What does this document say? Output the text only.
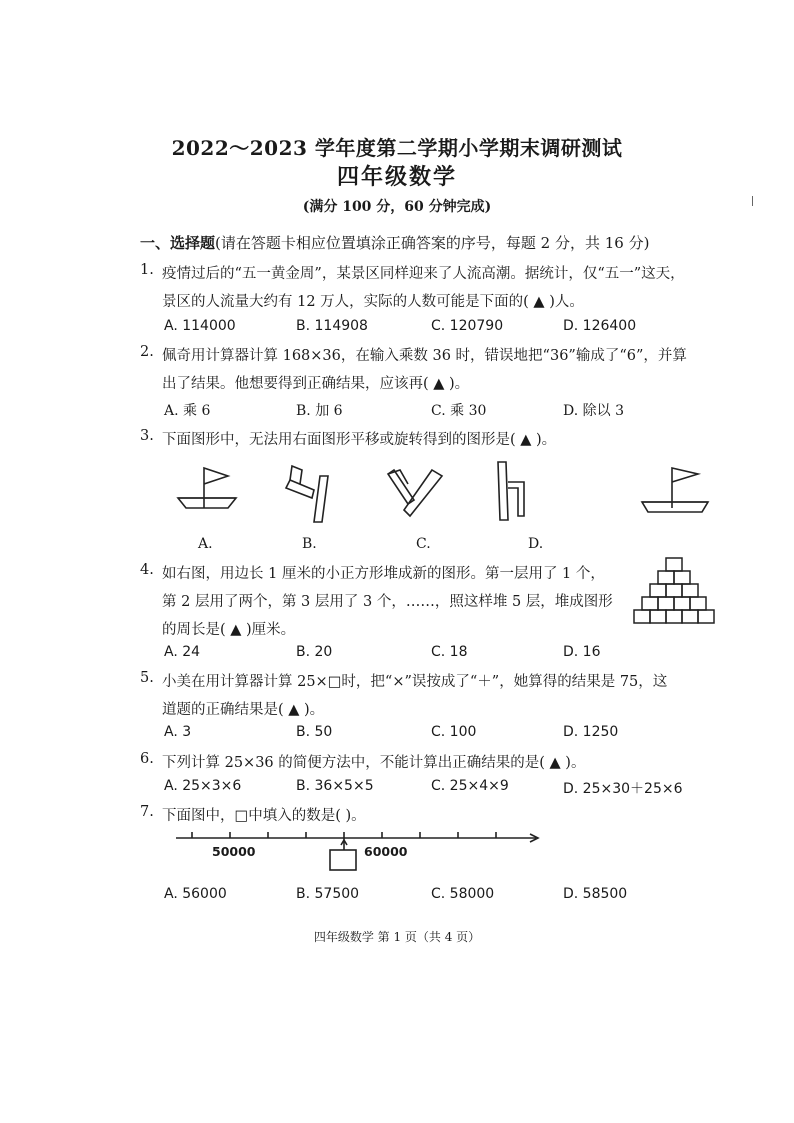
2022～2023 学年度第二学期小学期末调研测试
四年级数学
(满分 100 分，60 分钟完成)
一、选择题(请在答题卡相应位置填涂正确答案的序号，每题 2 分，共 16 分)
1. 疫情过后的“五一黄金周”，某景区同样迎来了人流高潮。据统计，仅“五一”这天，
景区的人流量大约有 12 万人，实际的人数可能是下面的( ▲ )人。
A. 114000	B. 114908	C. 120790	D. 126400
2. 佩奇用计算器计算 168×36，在输入乘数 36 时，错误地把“36”输成了“6”，并算
出了结果。他想要得到正确结果，应该再( ▲ )。
A. 乘 6	B. 加 6	C. 乘 30	D. 除以 3
3. 下面图形中，无法用右面图形平移或旋转得到的图形是( ▲ )。
A.	B.	C.	D.
4. 如右图，用边长 1 厘米的小正方形堆成新的图形。第一层用了 1 个，
第 2 层用了两个，第 3 层用了 3 个，……，照这样堆 5 层，堆成图形
的周长是( ▲ )厘米。
A. 24	B. 20	C. 18	D. 16
5. 小美在用计算器计算 25×□时，把“×”误按成了“＋”，她算得的结果是 75，这
道题的正确结果是( ▲ )。
A. 3	B. 50	C. 100	D. 1250
6. 下列计算 25×36 的简便方法中，不能计算出正确结果的是( ▲ )。
A. 25×3×6	B. 36×5×5	C. 25×4×9	D. 25×30＋25×6
7. 下面图中，□中填入的数是( )。
50000	60000
A. 56000	B. 57500	C. 58000	D. 58500
四年级数学 第 1 页（共 4 页）
